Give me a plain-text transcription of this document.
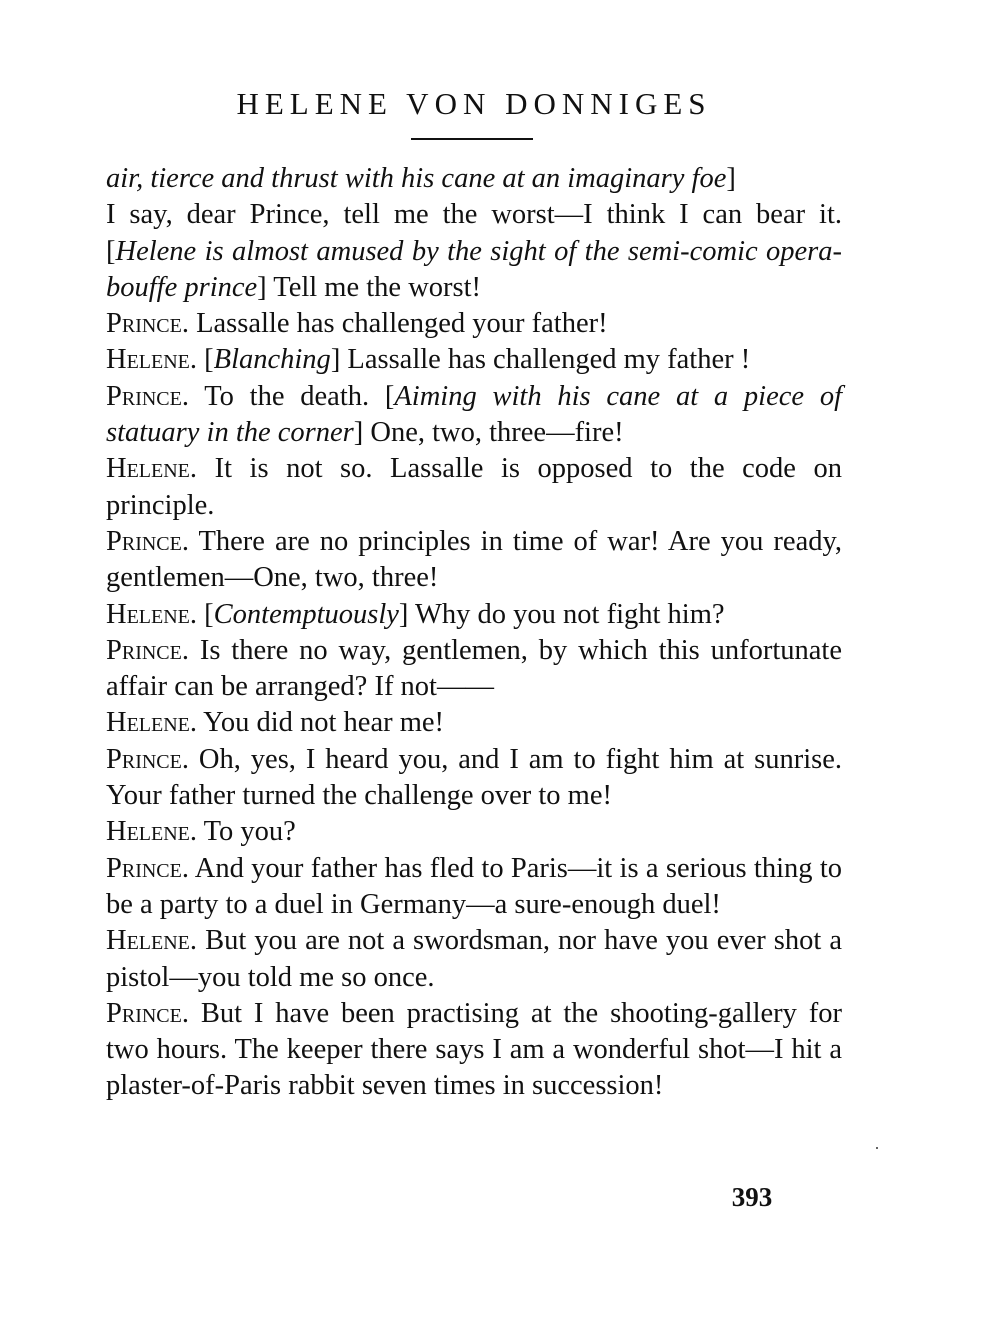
HELENE VON DONNIGES

air, tierce and thrust with his cane at an imaginary foe]

I say, dear Prince, tell me the worst—I think I can bear it. [Helene is almost amused by the sight of the semi-comic opera-bouffe prince] Tell me the worst!

Prince. Lassalle has challenged your father!

Helene. [Blanching] Lassalle has challenged my father !

Prince. To the death. [Aiming with his cane at a piece of statuary in the corner] One, two, three—fire!

Helene. It is not so. Lassalle is opposed to the code on principle.

Prince. There are no principles in time of war! Are you ready, gentlemen—One, two, three!

Helene. [Contemptuously] Why do you not fight him?

Prince. Is there no way, gentlemen, by which this unfortunate affair can be arranged? If not——

Helene. You did not hear me!

Prince. Oh, yes, I heard you, and I am to fight him at sunrise. Your father turned the challenge over to me!

Helene. To you?

Prince. And your father has fled to Paris—it is a serious thing to be a party to a duel in Germany—a sure-enough duel!

Helene. But you are not a swordsman, nor have you ever shot a pistol—you told me so once.

Prince. But I have been practising at the shooting-gallery for two hours. The keeper there says I am a wonderful shot—I hit a plaster-of-Paris rabbit seven times in succession!

393
